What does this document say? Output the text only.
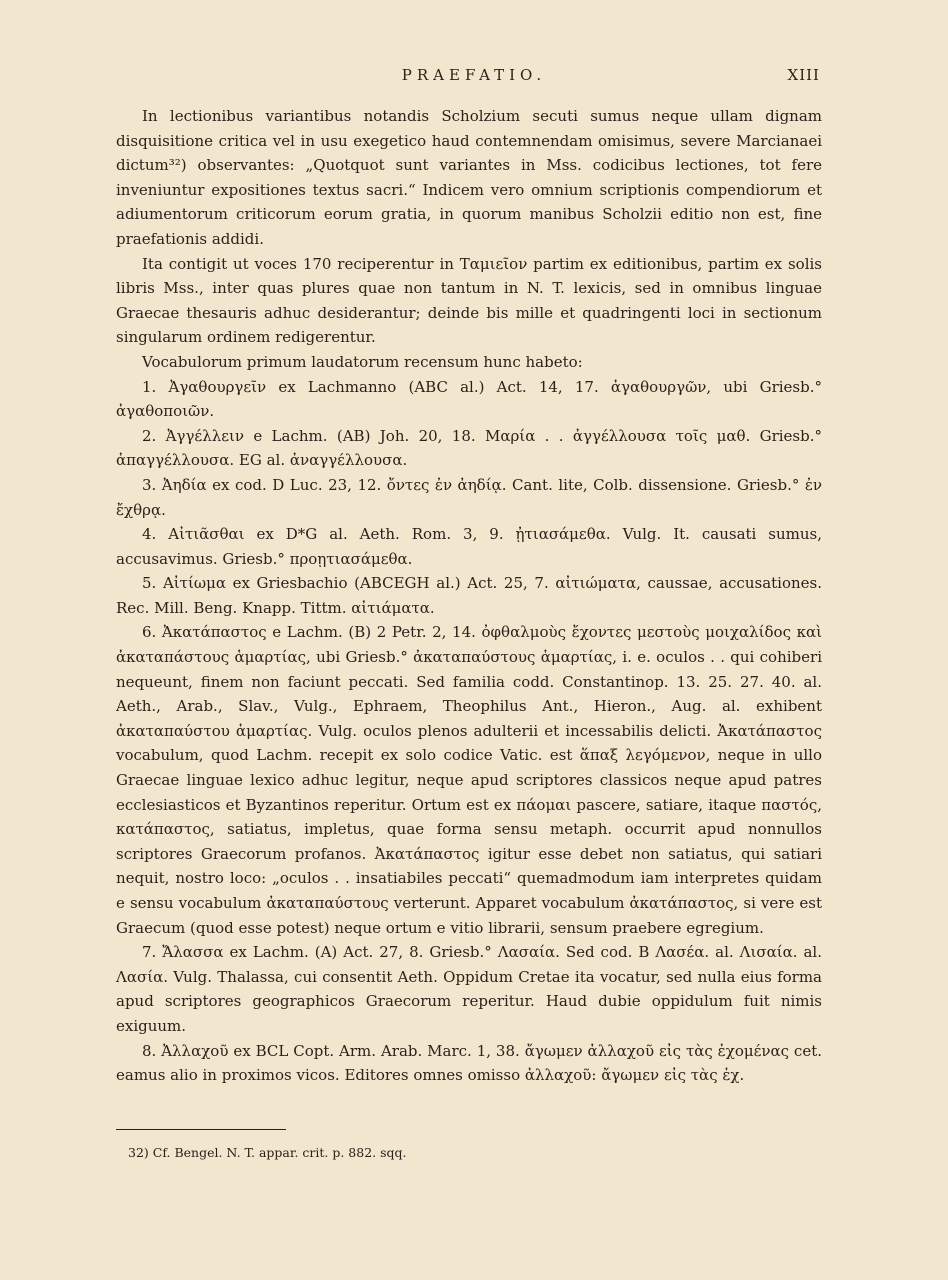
PRAEFATIO.	XIII

In lectionibus variantibus notandis Scholzium secuti sumus neque ullam dignam disquisitione critica vel in usu exegetico haud contemnendam omisimus, severe Marcianaei dictum³²) observantes: „Quotquot sunt variantes in Mss. codicibus lectiones, tot fere inveniuntur expositiones textus sacri.“ Indicem vero omnium scriptionis compendiorum et adiumentorum criticorum eorum gratia, in quorum manibus Scholzii editio non est, fine praefationis addidi.

Ita contigit ut voces 170 reciperentur in Ταμιεῖον partim ex editionibus, partim ex solis libris Mss., inter quas plures quae non tantum in N. T. lexicis, sed in omnibus linguae Graecae thesauris adhuc desiderantur; deinde bis mille et quadringenti loci in sectionum singularum ordinem redigerentur.

Vocabulorum primum laudatorum recensum hunc habeto:

1. Ἀγαθουργεῖν ex Lachmanno (ABC al.) Act. 14, 17. ἀγαθουργῶν, ubi Griesb.° ἀγαθοποιῶν.

2. Ἀγγέλλειν e Lachm. (AB) Joh. 20, 18. Μαρία . . ἀγγέλλουσα τοῖς μαθ. Griesb.° ἀπαγγέλλουσα. EG al. ἀναγγέλλουσα.

3. Ἀηδία ex cod. D Luc. 23, 12. ὄντες ἐν ἀηδίᾳ. Cant. lite, Colb. dissensione. Griesb.° ἐν ἔχθρᾳ.

4. Αἰτιᾶσθαι ex D*G al. Aeth. Rom. 3, 9. ᾐτιασάμεθα. Vulg. It. causati sumus, accusavimus. Griesb.° προῃτιασάμεθα.

5. Αἰτίωμα ex Griesbachio (ABCEGH al.) Act. 25, 7. αἰτιώματα, caussae, accusationes. Rec. Mill. Beng. Knapp. Tittm. αἰτιάματα.

6. Ἀκατάπαστος e Lachm. (B) 2 Petr. 2, 14. ὀφθαλμοὺς ἔχοντες μεστοὺς μοιχαλίδος καὶ ἀκαταπάστους ἁμαρτίας, ubi Griesb.° ἀκαταπαύστους ἁμαρτίας, i. e. oculos . . qui cohiberi nequeunt, finem non faciunt peccati. Sed familia codd. Constantinop. 13. 25. 27. 40. al. Aeth., Arab., Slav., Vulg., Ephraem, Theophilus Ant., Hieron., Aug. al. exhibent ἀκαταπαύστου ἁμαρτίας. Vulg. oculos plenos adulterii et incessabilis delicti. Ἀκατάπαστος vocabulum, quod Lachm. recepit ex solo codice Vatic. est ἅπαξ λεγόμενον, neque in ullo Graecae linguae lexico adhuc legitur, neque apud scriptores classicos neque apud patres ecclesiasticos et Byzantinos reperitur. Ortum est ex πάομαι pascere, satiare, itaque παστός, κατάπαστος, satiatus, impletus, quae forma sensu metaph. occurrit apud nonnullos scriptores Graecorum profanos. Ἀκατάπαστος igitur esse debet non satiatus, qui satiari nequit, nostro loco: „oculos . . insatiabiles peccati“ quemadmodum iam interpretes quidam e sensu vocabulum ἀκαταπαύστους verterunt. Apparet vocabulum ἀκατάπαστος, si vere est Graecum (quod esse potest) neque ortum e vitio librarii, sensum praebere egregium.

7. Ἄλασσα ex Lachm. (A) Act. 27, 8. Griesb.° Λασαία. Sed cod. B Λασέα. al. Λισαία. al. Λασία. Vulg. Thalassa, cui consentit Aeth. Oppidum Cretae ita vocatur, sed nulla eius forma apud scriptores geographicos Graecorum reperitur. Haud dubie oppidulum fuit nimis exiguum.

8. Ἀλλαχοῦ ex BCL Copt. Arm. Arab. Marc. 1, 38. ἄγωμεν ἀλλαχοῦ εἰς τὰς ἐχομένας cet. eamus alio in proximos vicos. Editores omnes omisso ἀλλαχοῦ: ἄγωμεν εἰς τὰς ἐχ.

32) Cf. Bengel. N. T. appar. crit. p. 882. sqq.
